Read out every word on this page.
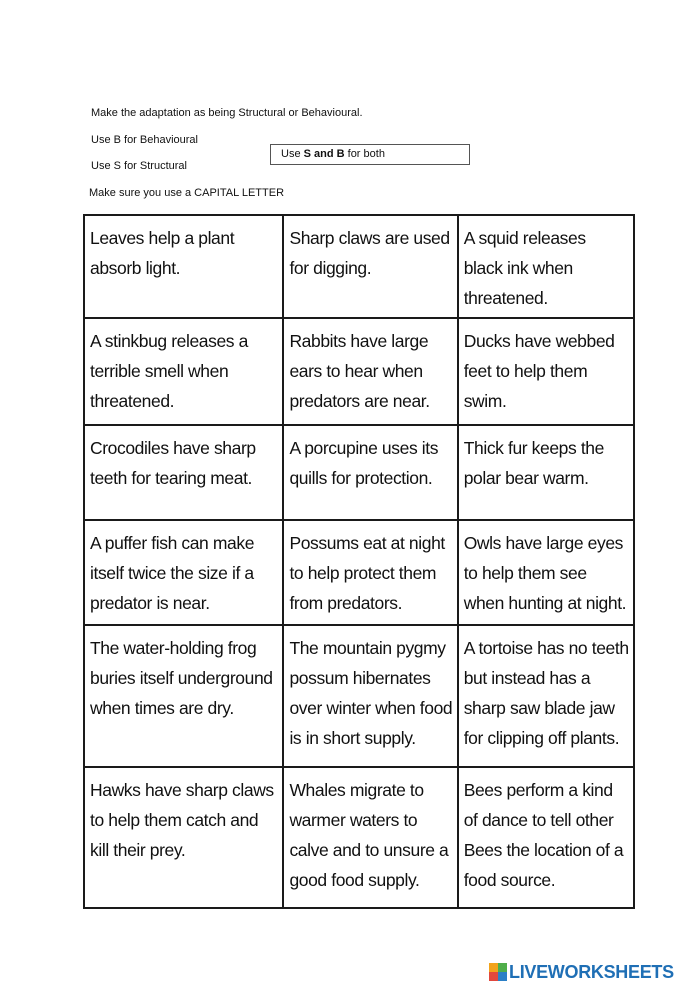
Make the adaptation as being Structural or Behavioural.
Use B for Behavioural
Use S for Structural
Make sure you use a CAPITAL LETTER
Use S and B for both
Leaves help a plant absorb light.	Sharp claws are used for digging.	A squid releases black ink when threatened.
A stinkbug releases a terrible smell when threatened.	Rabbits have large ears to hear when predators are near.	Ducks have webbed feet to help them swim.
Crocodiles have sharp teeth for tearing meat.	A porcupine uses its quills for protection.	Thick fur keeps the polar bear warm.
A puffer fish can make itself twice the size if a predator is near.	Possums eat at night to help protect them from predators.	Owls have large eyes to help them see when hunting at night.
The water-holding frog buries itself underground when times are dry.	The mountain pygmy possum hibernates over winter when food is in short supply.	A tortoise has no teeth but instead has a sharp saw blade jaw for clipping off plants.
Hawks have sharp claws to help them catch and kill their prey.	Whales migrate to warmer waters to calve and to unsure a good food supply.	Bees perform a kind of dance to tell other Bees the location of a food source.
LIVEWORKSHEETS
